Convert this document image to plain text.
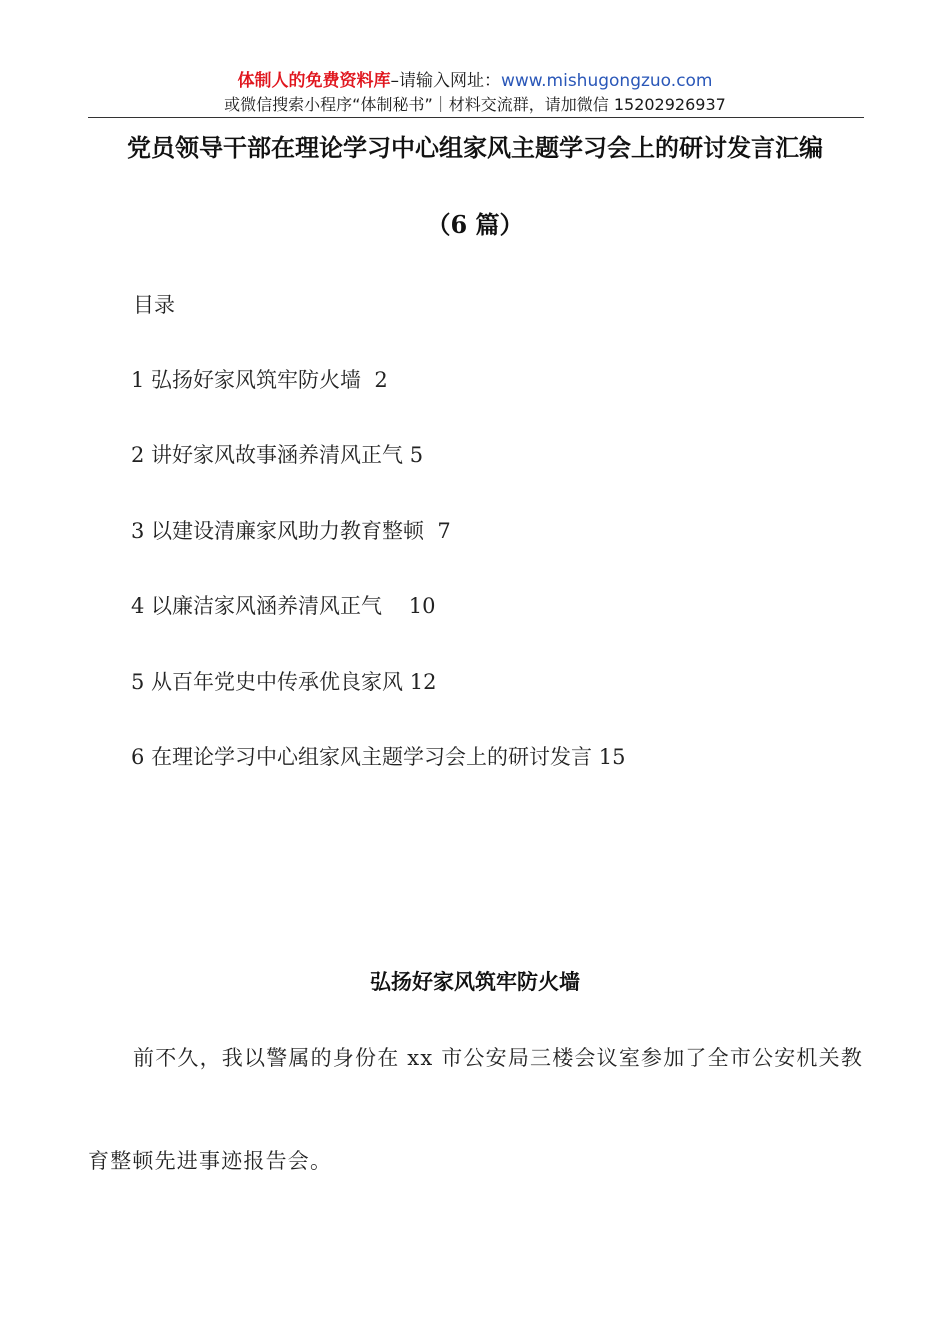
体制人的免费资料库–请输入网址：www.mishugongzuo.com
或微信搜索小程序“体制秘书”｜材料交流群，请加微信 15202926937
党员领导干部在理论学习中心组家风主题学习会上的研讨发言汇编
（6 篇）
目录
1 弘扬好家风筑牢防火墙  2
2 讲好家风故事涵养清风正气 5
3 以建设清廉家风助力教育整顿  7
4 以廉洁家风涵养清风正气    10
5 从百年党史中传承优良家风 12
6 在理论学习中心组家风主题学习会上的研讨发言 15
弘扬好家风筑牢防火墙
前不久，我以警属的身份在 xx 市公安局三楼会议室参加了全市公安机关教
育整顿先进事迹报告会。
